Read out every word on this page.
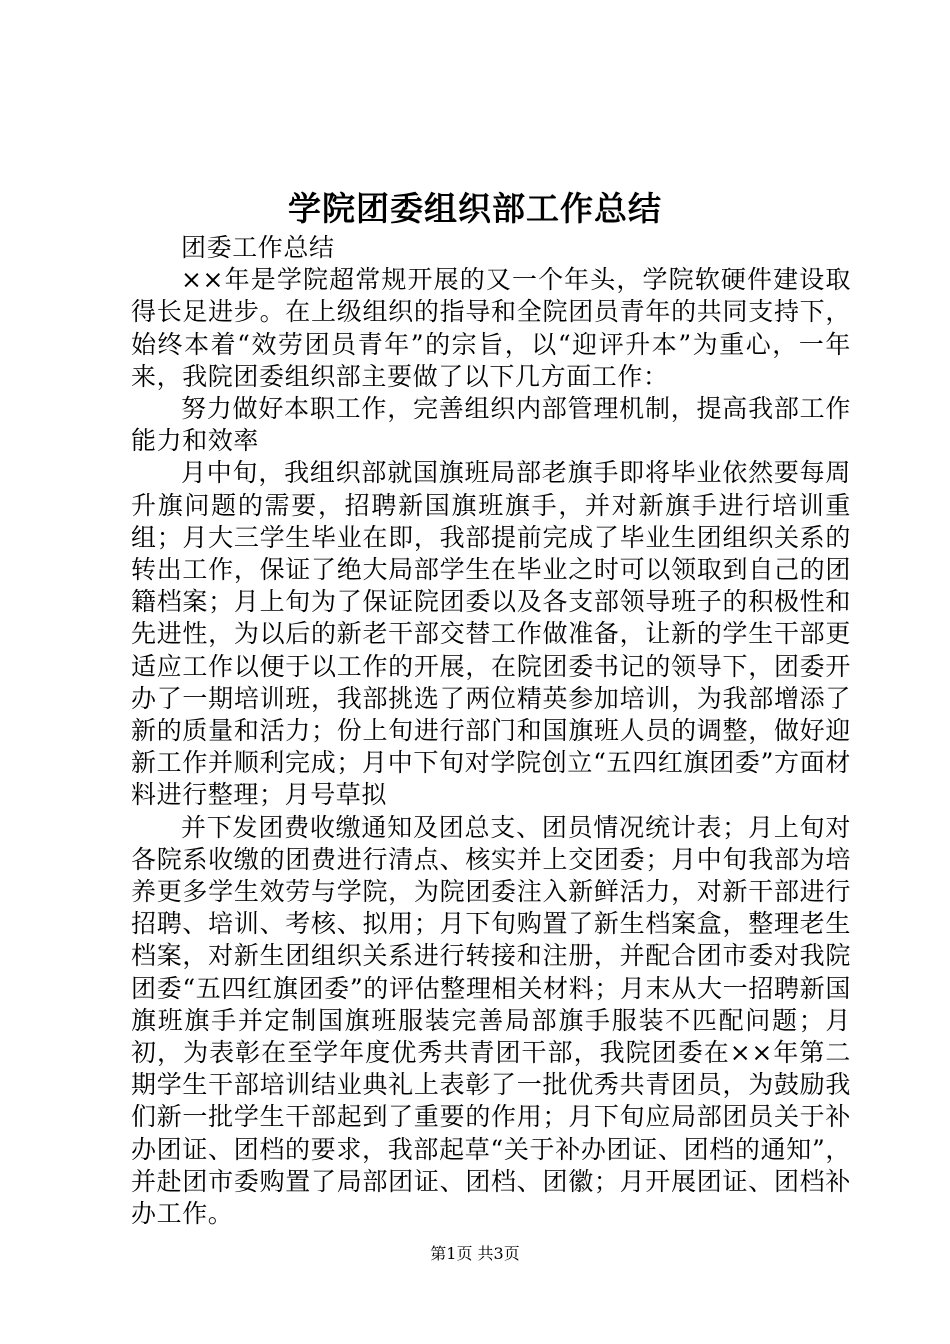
学院团委组织部工作总结

团委工作总结

××年是学院超常规开展的又一个年头，学院软硬件建设取得长足进步。在上级组织的指导和全院团员青年的共同支持下，始终本着“效劳团员青年”的宗旨，以“迎评升本”为重心，一年来，我院团委组织部主要做了以下几方面工作：

努力做好本职工作，完善组织内部管理机制，提高我部工作能力和效率

月中旬，我组织部就国旗班局部老旗手即将毕业依然要每周升旗问题的需要，招聘新国旗班旗手，并对新旗手进行培训重组；月大三学生毕业在即，我部提前完成了毕业生团组织关系的转出工作，保证了绝大局部学生在毕业之时可以领取到自己的团籍档案；月上旬为了保证院团委以及各支部领导班子的积极性和先进性，为以后的新老干部交替工作做准备，让新的学生干部更适应工作以便于以工作的开展，在院团委书记的领导下，团委开办了一期培训班，我部挑选了两位精英参加培训，为我部增添了新的质量和活力；份上旬进行部门和国旗班人员的调整，做好迎新工作并顺利完成；月中下旬对学院创立“五四红旗团委”方面材料进行整理；月号草拟

并下发团费收缴通知及团总支、团员情况统计表；月上旬对各院系收缴的团费进行清点、核实并上交团委；月中旬我部为培养更多学生效劳与学院，为院团委注入新鲜活力，对新干部进行招聘、培训、考核、拟用；月下旬购置了新生档案盒，整理老生档案，对新生团组织关系进行转接和注册，并配合团市委对我院团委“五四红旗团委”的评估整理相关材料；月末从大一招聘新国旗班旗手并定制国旗班服装完善局部旗手服装不匹配问题；月初，为表彰在至学年度优秀共青团干部，我院团委在××年第二期学生干部培训结业典礼上表彰了一批优秀共青团员，为鼓励我们新一批学生干部起到了重要的作用；月下旬应局部团员关于补办团证、团档的要求，我部起草“关于补办团证、团档的通知”，并赴团市委购置了局部团证、团档、团徽；月开展团证、团档补办工作。

第1页 共3页
